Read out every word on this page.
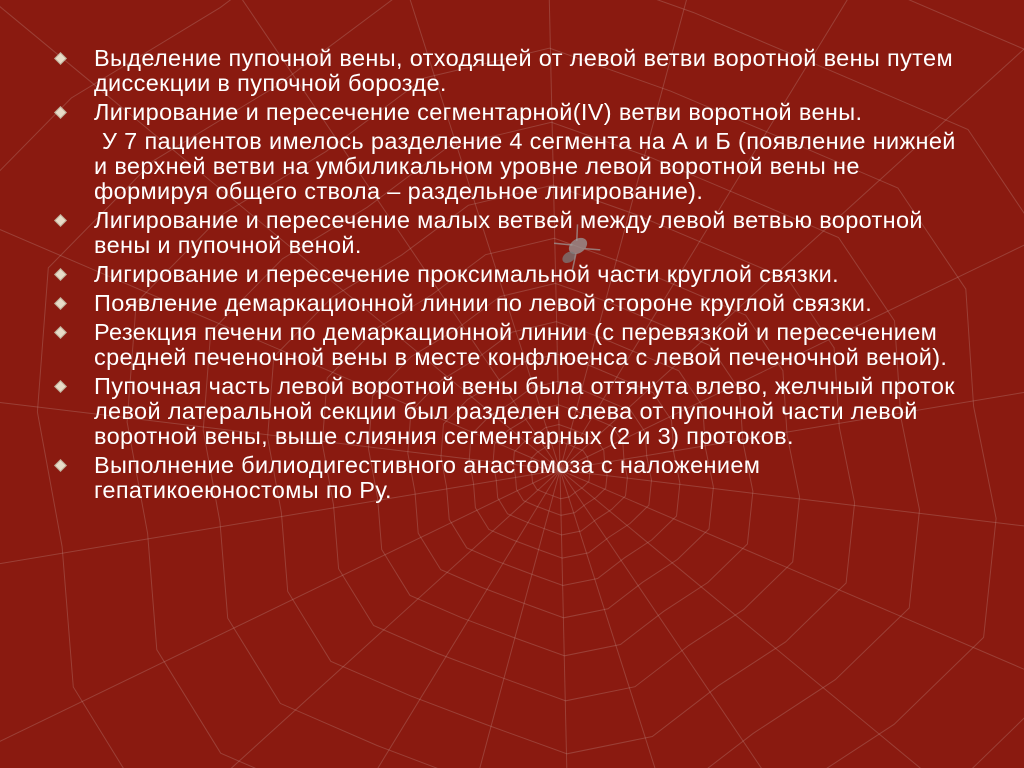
Выделение пупочной вены, отходящей от левой ветви воротной вены путем диссекции в пупочной борозде.
Лигирование и пересечение сегментарной(IV) ветви воротной вены.
У 7 пациентов имелось разделение 4 сегмента на А и Б (появление нижней и верхней ветви на умбиликальном уровне левой воротной вены не формируя общего ствола – раздельное лигирование).
Лигирование и пересечение малых ветвей между левой ветвью воротной вены и пупочной веной.
Лигирование и пересечение проксимальной части круглой связки.
Появление демаркационной линии по левой стороне круглой связки.
Резекция печени по демаркационной линии (с перевязкой и пересечением средней печеночной вены в месте конфлюенса с левой печеночной веной).
Пупочная часть левой воротной вены была оттянута влево, желчный проток левой латеральной секции был разделен слева от пупочной части левой воротной вены, выше слияния сегментарных (2 и 3) протоков.
Выполнение билиодигестивного анастомоза с наложением гепатикоеюностомы по Ру.
